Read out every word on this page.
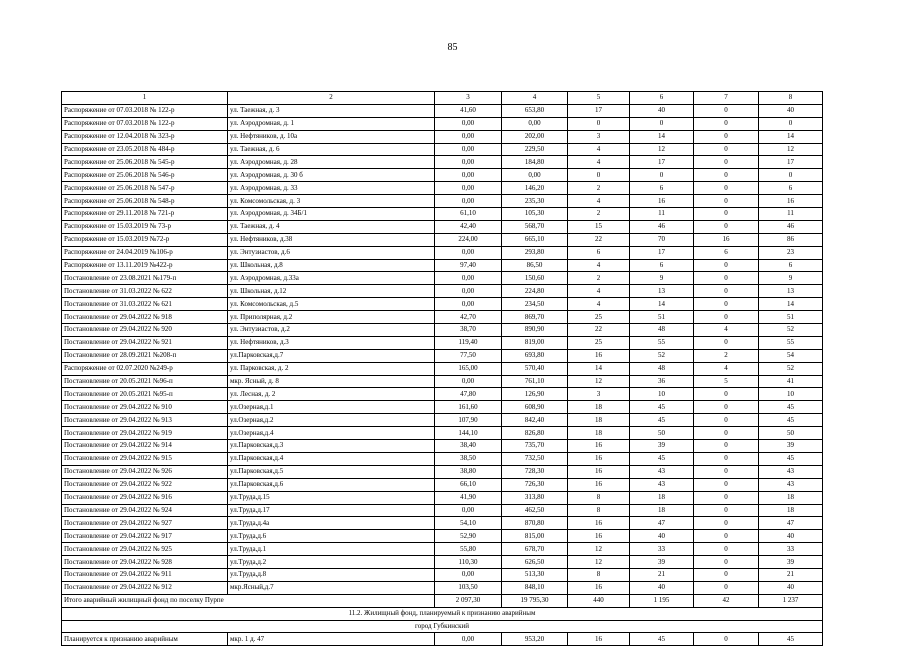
85
1	2	3	4	5	6	7	8
Распоряжение от 07.03.2018 № 122-р	ул. Таежная, д. 3	41,60	653,80	17	40	0	40
Распоряжение от 07.03.2018 № 122-р	ул. Аэродромная, д. 1	0,00	0,00	0	0	0	0
Распоряжение от 12.04.2018 № 323-р	ул. Нефтяников, д. 10а	0,00	202,00	3	14	0	14
Распоряжение от 23.05.2018 № 484-р	ул. Таежная, д. 6	0,00	229,50	4	12	0	12
Распоряжение от 25.06.2018 № 545-р	ул. Аэродромная, д. 28	0,00	184,80	4	17	0	17
Распоряжение от 25.06.2018 № 546-р	ул. Аэродромная, д. 30 б	0,00	0,00	0	0	0	0
Распоряжение от 25.06.2018 № 547-р	ул. Аэродромная, д. 33	0,00	146,20	2	6	0	6
Распоряжение от 25.06.2018 № 548-р	ул. Комсомольская, д. 3	0,00	235,30	4	16	0	16
Распоряжение от 29.11.2018 № 721-р	ул. Аэродромная, д. 34Б/1	61,10	105,30	2	11	0	11
Распоряжение от 15.03.2019 № 73-р	ул. Таежная, д. 4	42,40	568,70	15	46	0	46
Распоряжение от 15.03.2019 №72-р	ул. Нефтяников, д.38	224,00	665,10	22	70	16	86
Распоряжение от 24.04.2019 №106-р	ул. Энтузиастов, д.6	0,00	293,80	6	17	6	23
Распоряжение от 13.11.2019 №422-р	ул. Школьная, д.8	97,40	86,50	4	6	0	6
Постановление от 23.08.2021 №179-п	ул. Аэродромная, д.33а	0,00	150,60	2	9	0	9
Постановление от 31.03.2022 № 622	ул. Школьная, д.12	0,00	224,80	4	13	0	13
Постановление от 31.03.2022 № 621	ул. Комсомольская, д.5	0,00	234,50	4	14	0	14
Постановление от 29.04.2022 № 918	ул. Приполярная, д.2	42,70	869,70	25	51	0	51
Постановление от 29.04.2022 № 920	ул. Энтузиастов, д.2	38,70	890,90	22	48	4	52
Постановление от 29.04.2022 № 921	ул. Нефтяников, д.3	119,40	819,00	25	55	0	55
Постановление от 28.09.2021 №208-п	ул.Парковская,д.7	77,50	693,80	16	52	2	54
Распоряжение от 02.07.2020 №249-р	ул. Парковская, д. 2	165,00	570,40	14	48	4	52
Постановление от 20.05.2021 №96-п	мкр. Ясный, д. 8	0,00	761,10	12	36	5	41
Постановление от 20.05.2021 №95-п	ул. Лесная, д. 2	47,80	126,90	3	10	0	10
Постановление от 29.04.2022 № 910	ул.Озерная,д.1	161,60	608,90	18	45	0	45
Постановление от 29.04.2022 № 913	ул.Озерная,д.2	107,90	842,40	18	45	0	45
Постановление от 29.04.2022 № 919	ул.Озерная,д.4	144,10	826,80	18	50	0	50
Постановление от 29.04.2022 № 914	ул.Парковская,д.3	38,40	735,70	16	39	0	39
Постановление от 29.04.2022 № 915	ул.Парковская,д.4	38,50	732,50	16	45	0	45
Постановление от 29.04.2022 № 926	ул.Парковская,д.5	38,80	728,30	16	43	0	43
Постановление от 29.04.2022 № 922	ул.Парковская,д.6	66,10	726,30	16	43	0	43
Постановление от 29.04.2022 № 916	ул.Труда,д.15	41,90	313,80	8	18	0	18
Постановление от 29.04.2022 № 924	ул.Труда,д.17	0,00	462,50	8	18	0	18
Постановление от 29.04.2022 № 927	ул.Труда,д.4а	54,10	870,80	16	47	0	47
Постановление от 29.04.2022 № 917	ул.Труда,д.6	52,90	815,00	16	40	0	40
Постановление от 29.04.2022 № 925	ул.Труда,д.1	55,80	678,70	12	33	0	33
Постановление от 29.04.2022 № 928	ул.Труда,д.2	110,30	626,50	12	39	0	39
Постановление от 29.04.2022 № 911	ул.Труда,д.8	0,00	513,30	8	21	0	21
Постановление от 29.04.2022 № 912	мкр.Ясный,д.7	103,50	848,10	16	40	0	40
Итого аварийный жилищный фонд по поселку Пурпе		2 097,30	19 795,30	440	1 195	42	1 237
11.2. Жилищный фонд, планируемый к признанию аварийным							
город Губкинский							
Планируется к признанию аварийным	мкр. 1 д. 47	0,00	953,20	16	45	0	45
